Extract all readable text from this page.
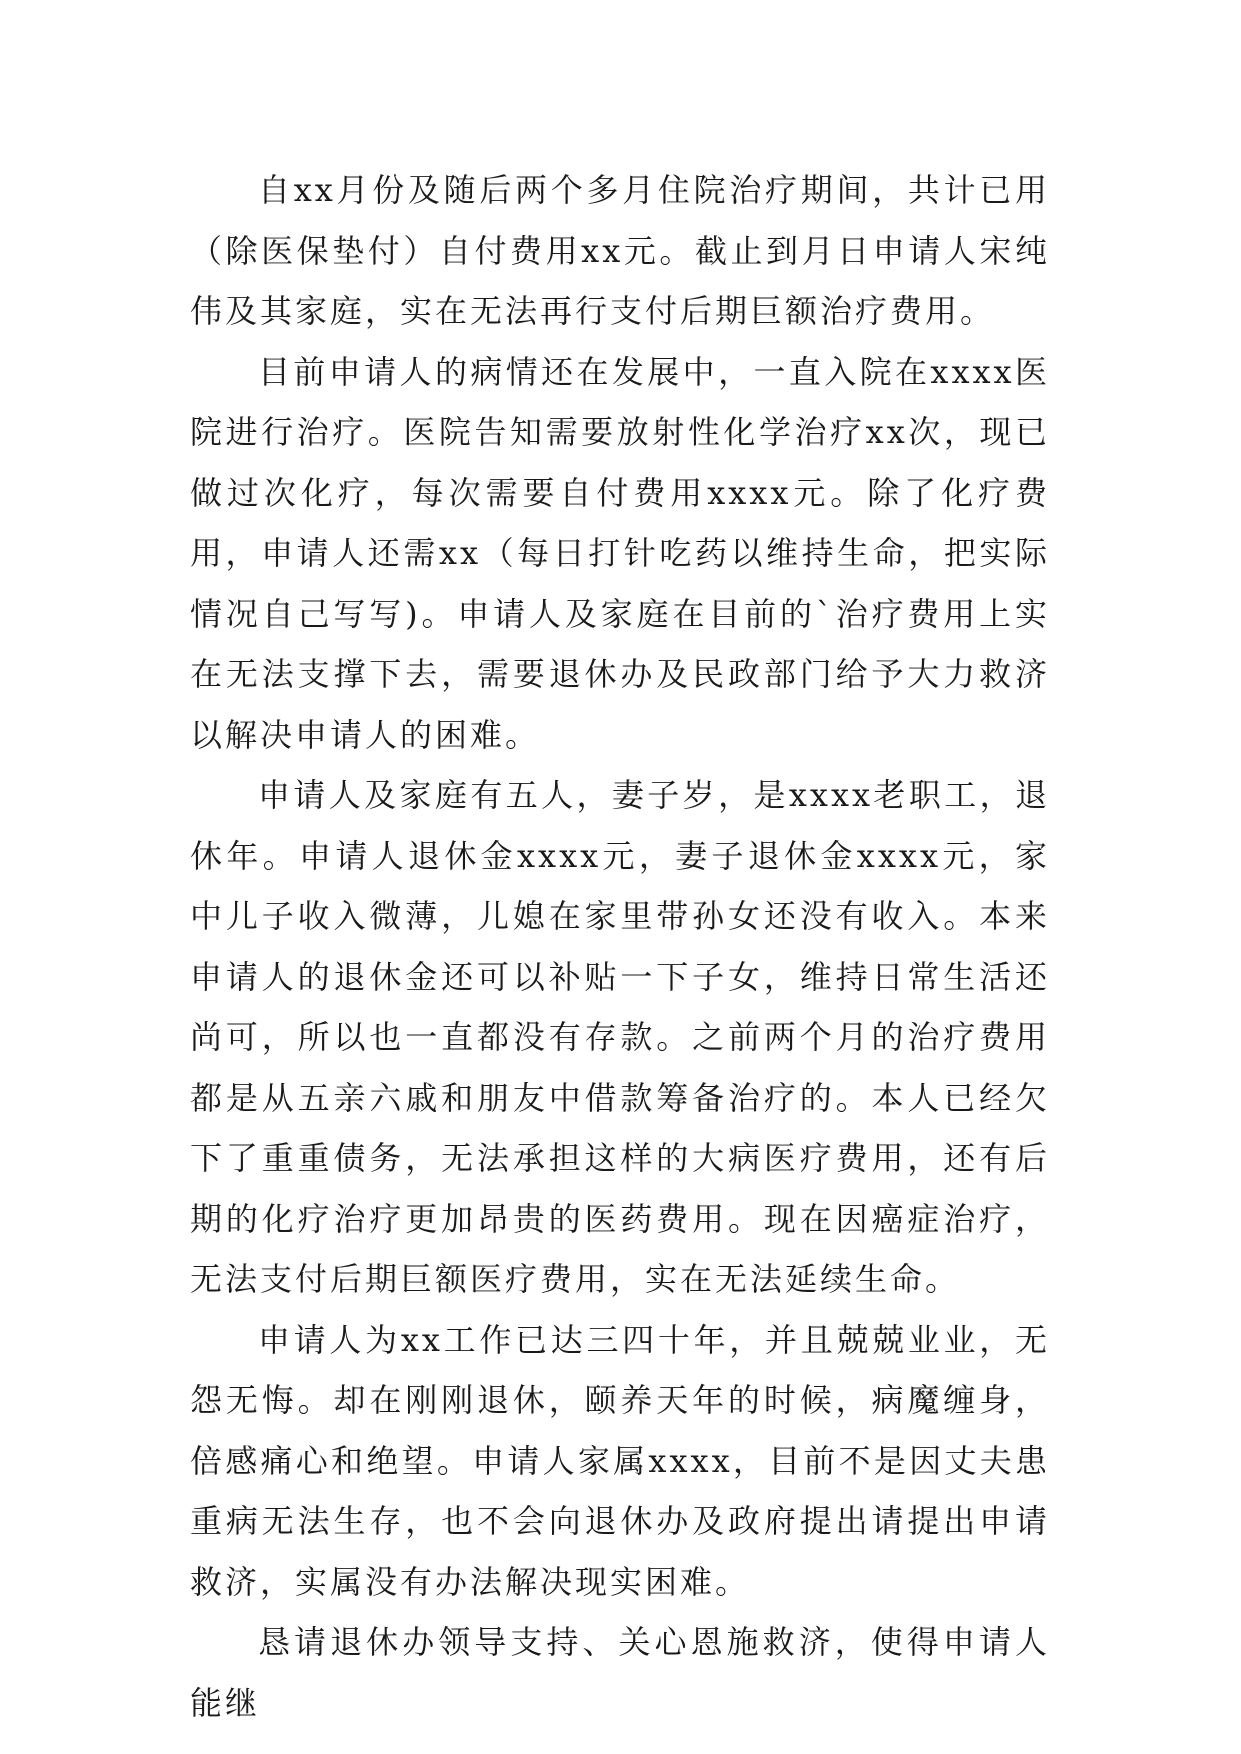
自xx月份及随后两个多月住院治疗期间，共计已用（除医保垫付）自付费用xx元。截止到月日申请人宋纯伟及其家庭，实在无法再行支付后期巨额治疗费用。

目前申请人的病情还在发展中，一直入院在xxxx医院进行治疗。医院告知需要放射性化学治疗xx次，现已做过次化疗，每次需要自付费用xxxx元。除了化疗费用，申请人还需xx（每日打针吃药以维持生命，把实际情况自己写写)。申请人及家庭在目前的`治疗费用上实在无法支撑下去，需要退休办及民政部门给予大力救济以解决申请人的困难。

申请人及家庭有五人，妻子岁，是xxxx老职工，退休年。申请人退休金xxxx元，妻子退休金xxxx元，家中儿子收入微薄，儿媳在家里带孙女还没有收入。本来申请人的退休金还可以补贴一下子女，维持日常生活还尚可，所以也一直都没有存款。之前两个月的治疗费用都是从五亲六戚和朋友中借款筹备治疗的。本人已经欠下了重重债务，无法承担这样的大病医疗费用，还有后期的化疗治疗更加昂贵的医药费用。现在因癌症治疗，无法支付后期巨额医疗费用，实在无法延续生命。

申请人为xx工作已达三四十年，并且兢兢业业，无怨无悔。却在刚刚退休，颐养天年的时候，病魔缠身，倍感痛心和绝望。申请人家属xxxx，目前不是因丈夫患重病无法生存，也不会向退休办及政府提出请提出申请救济，实属没有办法解决现实困难。

恳请退休办领导支持、关心恩施救济，使得申请人能继
